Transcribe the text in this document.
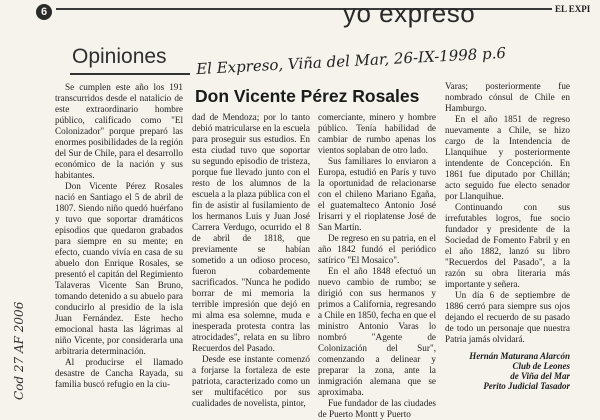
6	yo expreso	EL EXPI
Opiniones El Expreso, Viña del Mar, 26-IX-1998 p.6
Cod 27 AF 2006
Don Vicente Pérez Rosales

Se cumplen este año los 191 transcurridos desde el natalicio de este extraordinario hombre público, calificado como "El Colonizador" porque preparó las enormes posibilidades de la región del Sur de Chile, para el desarrollo económico de la nación y sus habitantes.

Don Vicente Pérez Rosales nació en Santiago el 5 de abril de 1807. Siendo niño quedó huérfano y tuvo que soportar dramáticos episodios que quedaron grabados para siempre en su mente; en efecto, cuando vivía en casa de su abuelo don Enrique Rosales, se presentó el capitán del Regimiento Talaveras Vicente San Bruno, tomando detenido a su abuelo para conducirlo al presidio de la isla Juan Fernández. Este hecho emocional hasta las lágrimas al niño Vicente, por considerarla una arbitraria determinación.

Al producirse el llamado desastre de Cancha Rayada, su familia buscó refugio en la ciu-

dad de Mendoza; por lo tanto debió matricularse en la escuela para proseguir sus estudios. En esta ciudad tuvo que soportar su segundo episodio de tristeza, porque fue llevado junto con el resto de los alumnos de la escuela a la plaza pública con el fin de asistir al fusilamiento de los hermanos Luis y Juan José Carrera Verdugo, ocurrido el 8 de abril de 1818, que previamente se habían sometido a un odioso proceso, fueron cobardemente sacrificados. "Nunca he podido borrar de mi memoria la terrible impresión que dejó en mi alma esa solemne, muda e inesperada protesta contra las atrocidades", relata en su libro Recuerdos del Pasado.

Desde ese instante comenzó a forjarse la fortaleza de este patriota, caracterizado como un ser multifacético por sus cualidades de novelista, pintor,

comerciante, minero y hombre público. Tenía habilidad de cambiar de rumbo apenas los vientos soplaban de otro lado.

Sus familiares lo enviaron a Europa, estudió en París y tuvo la oportunidad de relacionarse con el chileno Mariano Egaña, el guatemalteco Antonio José Irisarri y el rioplatense José de San Martín.

De regreso en su patria, en el año 1842 fundó el periódico satírico "El Mosaico".

En el año 1848 efectuó un nuevo cambio de rumbo; se dirigió con sus hermanos y primos a California, regresando a Chile en 1850, fecha en que el ministro Antonio Varas lo nombró "Agente de Colonización del Sur", comenzando a delinear y preparar la zona, ante la inmigración alemana que se aproximaba.

Fue fundador de las ciudades de Puerto Montt y Puerto

Varas; posteriormente fue nombrado cónsul de Chile en Hamburgo.

En el año 1851 de regreso nuevamente a Chile, se hizo cargo de la Intendencia de Llanquihue y posteriormente intendente de Concepción. En 1861 fue diputado por Chillán; acto seguido fue electo senador por Llanquihue.

Continuando con sus irrefutables logros, fue socio fundador y presidente de la Sociedad de Fomento Fabril y en el año 1882, lanzó su libro "Recuerdos del Pasado", a la razón su obra literaria más importante y señera.

Un día 6 de septiembre de 1886 cerró para siempre sus ojos dejando el recuerdo de su pasado de todo un personaje que nuestra Patria jamás olvidará.

Hernán Maturana Alarcón
Club de Leones
de Viña del Mar
Perito Judicial Tasador
